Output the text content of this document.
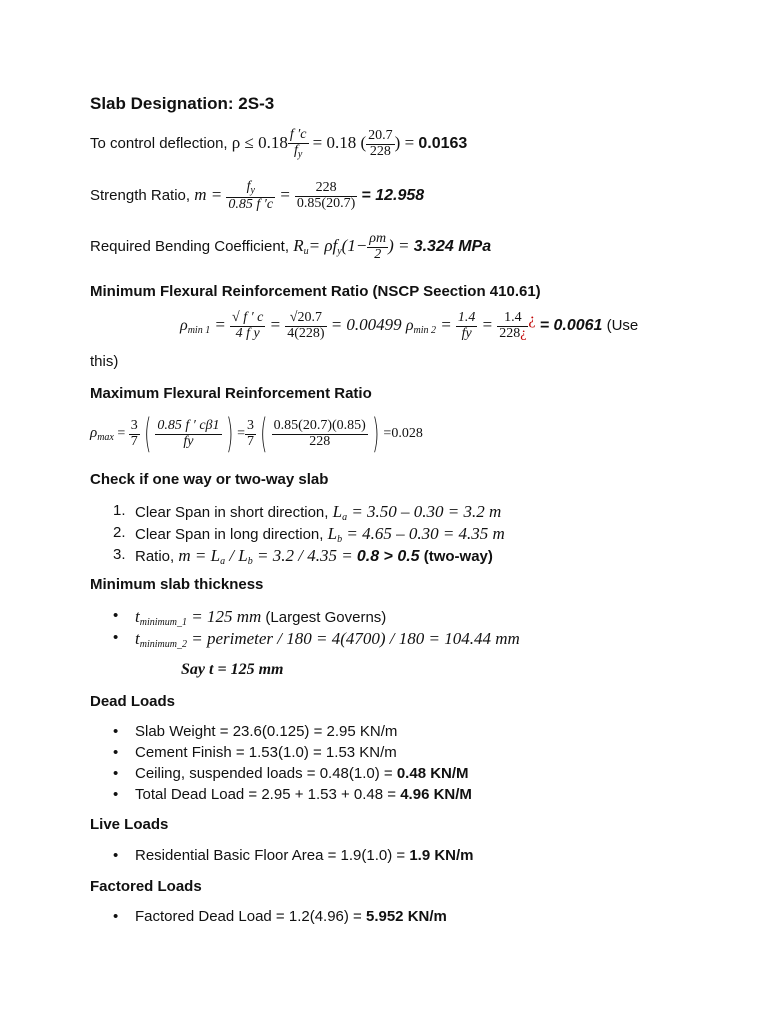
Slab Designation: 2S-3
To control deflection, $\rho \le 0.18 \frac{f 'c}{f_y} = 0.18$ ( $\frac{20.7}{228}$ ) = 0.0163
Strength Ratio, $m = \frac{f_y}{0.85 f 'c} = \frac{228}{0.85(20.7)} = 12.958$
Required Bending Coefficient, $R_u= \rho f_y(1- \frac{\rho m}{2}$ ) = 3.324 MPa
Minimum Flexural Reinforcement Ratio (NSCP Seection 410.61)
$\rho_{min 1} = \frac{√ f ' c}{\text{4 f y}} = \frac{√20.7}{4(228)} = 0.00499$ $\rho_{min 2} = \frac{1.4}{fy} = \frac{1.4}{228¿}$ ¿ = 0.0061 (Use
this)
Maximum Flexural Reinforcement Ratio
$\rho_{max} = \frac{3}{7}$ ( $\frac{0.85 f ' c\beta 1}{fy}$ ) = $\frac{3}{7}$ ( $\frac{0.85(20.7)(0.85)}{228}$ ) =0.028
Check if one way or two-way slab
1. Clear Span in short direction, $L_a = 3.50 - 0.30 = 3.2$ m
2. Clear Span in long direction, $L_b = 4.65 - 0.30 = 4.35$ m
3. Ratio, $m = L_a / L_b = 3.2 / 4.35 = 0.8 > 0.5$ (two-way)
Minimum slab thickness
• $t_{minimum\_1} = 125$ mm (Largest Governs)
• $t_{minimum\_2}$ = perimeter / 180 = 4(4700) / 180 = 104.44 mm
Say t = 125 mm
Dead Loads
• Slab Weight = 23.6(0.125) = 2.95 KN/m
• Cement Finish = 1.53(1.0) = 1.53 KN/m
• Ceiling, suspended loads = 0.48(1.0) = 0.48 KN/M
• Total Dead Load = 2.95 + 1.53 + 0.48 = 4.96 KN/M
Live Loads
• Residential Basic Floor Area = 1.9(1.0) = 1.9 KN/m
Factored Loads
• Factored Dead Load = 1.2(4.96) = 5.952 KN/m
